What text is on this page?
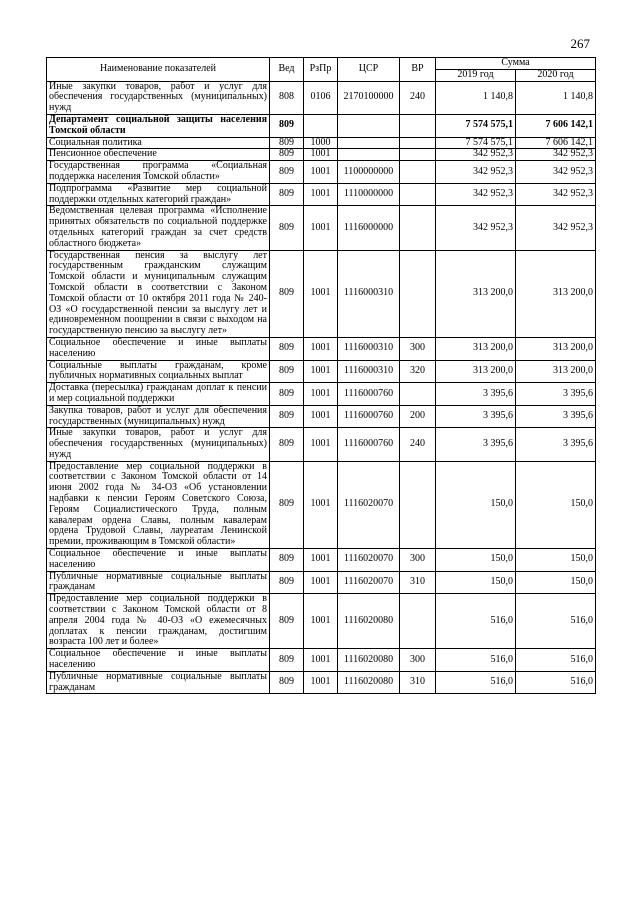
267
Наименование показателей	Вед	РзПр	ЦСР	ВР	Сумма	
					2019 год	2020 год
Иные закупки товаров, работ и услуг для обеспечения государственных (муниципальных) нужд	808	0106	2170100000	240	1 140,8	1 140,8
Департамент социальной защиты населения Томской области	809				7 574 575,1	7 606 142,1
Социальная политика	809	1000			7 574 575,1	7 606 142,1
Пенсионное обеспечение	809	1001			342 952,3	342 952,3
Государственная программа «Социальная поддержка населения Томской области»	809	1001	1100000000		342 952,3	342 952,3
Подпрограмма «Развитие мер социальной поддержки отдельных категорий граждан»	809	1001	1110000000		342 952,3	342 952,3
Ведомственная целевая программа «Исполнение принятых обязательств по социальной поддержке отдельных категорий граждан за счет средств областного бюджета»	809	1001	1116000000		342 952,3	342 952,3
Государственная пенсия за выслугу лет государственным гражданским служащим Томской области и муниципальным служащим Томской области в соответствии с Законом Томской области от 10 октября 2011 года № 240-ОЗ «О государственной пенсии за выслугу лет и единовременном поощрении в связи с выходом на государственную пенсию за выслугу лет»	809	1001	1116000310		313 200,0	313 200,0
Социальное обеспечение и иные выплаты населению	809	1001	1116000310	300	313 200,0	313 200,0
Социальные выплаты гражданам, кроме публичных нормативных социальных выплат	809	1001	1116000310	320	313 200,0	313 200,0
Доставка (пересылка) гражданам доплат к пенсии и мер социальной поддержки	809	1001	1116000760		3 395,6	3 395,6
Закупка товаров, работ и услуг для обеспечения государственных (муниципальных) нужд	809	1001	1116000760	200	3 395,6	3 395,6
Иные закупки товаров, работ и услуг для обеспечения государственных (муниципальных) нужд	809	1001	1116000760	240	3 395,6	3 395,6
Предоставление мер социальной поддержки в соответствии с Законом Томской области от 14 июня 2002 года № 34-ОЗ «Об установлении надбавки к пенсии Героям Советского Союза, Героям Социалистического Труда, полным кавалерам ордена Славы, полным кавалерам ордена Трудовой Славы, лауреатам Ленинской премии, проживающим в Томской области»	809	1001	1116020070		150,0	150,0
Социальное обеспечение и иные выплаты населению	809	1001	1116020070	300	150,0	150,0
Публичные нормативные социальные выплаты гражданам	809	1001	1116020070	310	150,0	150,0
Предоставление мер социальной поддержки в соответствии с Законом Томской области от 8 апреля 2004 года № 40-ОЗ «О ежемесячных доплатах к пенсии гражданам, достигшим возраста 100 лет и более»	809	1001	1116020080		516,0	516,0
Социальное обеспечение и иные выплаты населению	809	1001	1116020080	300	516,0	516,0
Публичные нормативные социальные выплаты гражданам	809	1001	1116020080	310	516,0	516,0
